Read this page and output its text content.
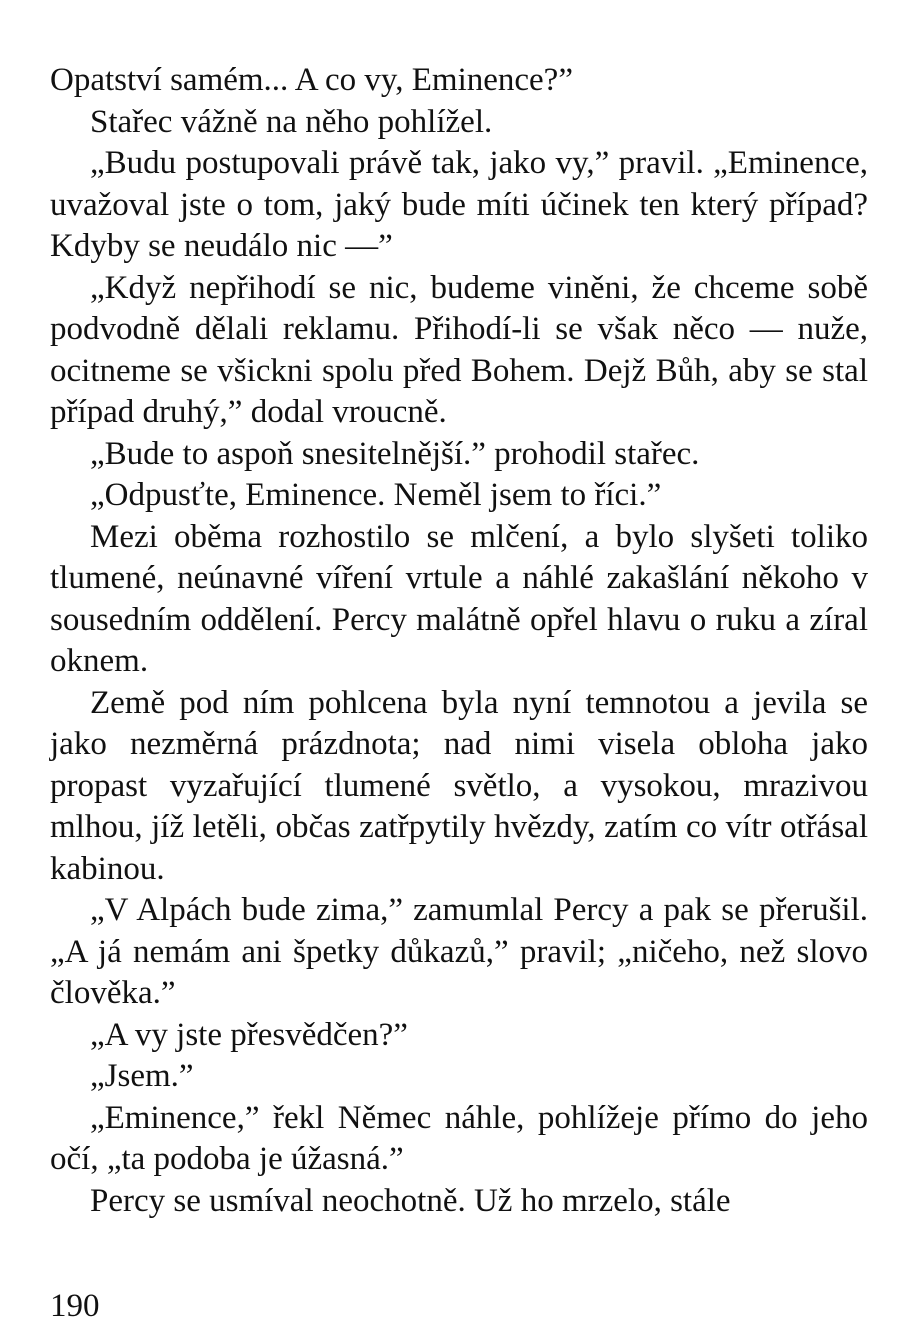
Opatství samém... A co vy, Eminence?”

Stařec vážně na něho pohlížel.

„Budu postupovali právě tak, jako vy,” pravil. „Eminence, uvažoval jste o tom, jaký bude míti účinek ten který případ? Kdyby se neudálo nic —”

„Když nepřihodí se nic, budeme viněni, že chceme sobě podvodně dělali reklamu. Přihodí-li se však něco — nuže, ocitneme se všickni spolu před Bohem. Dejž Bůh, aby se stal případ druhý,” dodal vroucně.

„Bude to aspoň snesitelnější.” prohodil stařec.

„Odpusťte, Eminence. Neměl jsem to říci.”

Mezi oběma rozhostilo se mlčení, a bylo slyšeti toliko tlumené, neúnavné víření vrtule a náhlé zakašlání někoho v sousedním oddělení. Percy malátně opřel hlavu o ruku a zíral oknem.

Země pod ním pohlcena byla nyní temnotou a jevila se jako nezměrná prázdnota; nad nimi visela obloha jako propast vyzařující tlumené světlo, a vysokou, mrazivou mlhou, jíž letěli, občas zatřpytily hvězdy, zatím co vítr otřásal kabinou.

„V Alpách bude zima,” zamumlal Percy a pak se přerušil. „A já nemám ani špetky důkazů,” pravil; „ničeho, než slovo člověka.”

„A vy jste přesvědčen?”

„Jsem.”

„Eminence,” řekl Němec náhle, pohlížeje přímo do jeho očí, „ta podoba je úžasná.”

Percy se usmíval neochotně. Už ho mrzelo, stále

190
